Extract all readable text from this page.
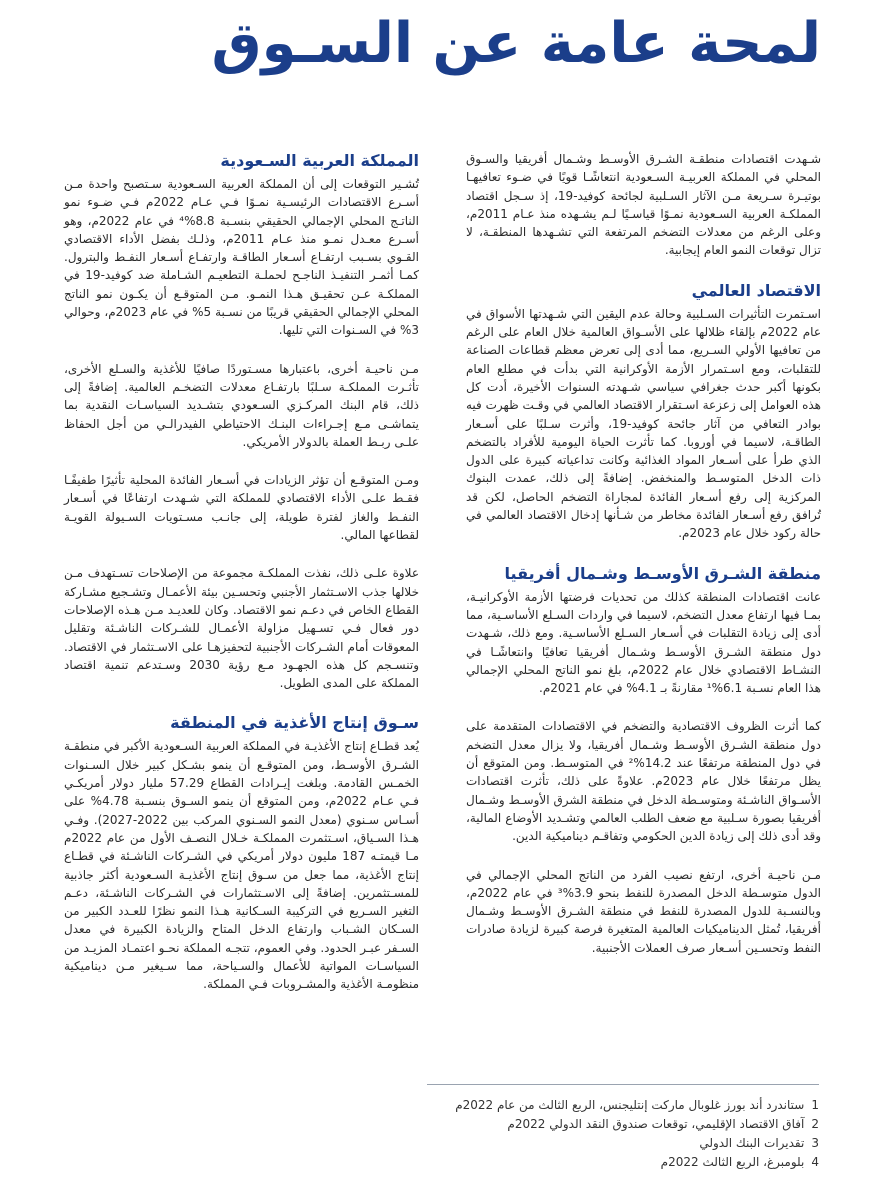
لمحة عامة عن السـوق

شـهدت اقتصادات منطقـة الشـرق الأوسـط وشـمال أفريقيا والسـوق المحلي في المملكة العربيـة السـعودية انتعاشًـا قويًا في ضـوء تعافيهـا بوتيـرة سـريعة مـن الآثار السـلبية لجائحة كوفيد-19، إذ سـجل اقتصاد المملكـة العربية السـعودية نمـوًا قياسـيًا لـم يشـهده منذ عـام 2011م، وعلى الرغم من معدلات التضخم المرتفعة التي تشـهدها المنطقـة، لا تزال توقعات النمو العام إيجابية.

الاقتصاد العالمي

اسـتمرت التأثيرات السـلبية وحالة عدم اليقين التي شـهدتها الأسواق في عام 2022م بإلقاء ظلالها على الأسـواق العالمية خلال العام على الرغم من تعافيها الأولي السـريع، مما أدى إلى تعرض معظم قطاعات الصناعة للتقلبات، ومع اسـتمرار الأزمة الأوكرانية التي بدأت في مطلع العام بكونها أكبر حدث جغرافي سياسي شـهدته السنوات الأخيرة، أدت كل هذه العوامل إلى زعزعة اسـتقرار الاقتصاد العالمي في وقـت ظهرت فيه بوادر التعافي من آثار جائحة كوفيد-19، وأثرت سـلبًا على أسـعار الطاقـة، لاسيما في أوروبا. كما تأثرت الحياة اليومية للأفراد بالتضخم الذي طرأ على أسـعار المواد الغذائية وكانت تداعياته كبيرة على الدول ذات الدخل المتوسـط والمنخفض. إضافةً إلى ذلك، عمدت البنوك المركزية إلى رفع أسـعار الفائدة لمجاراة التضخم الحاصل، لكن قد تُرافق رفع أسـعار الفائدة مخاطر من شـأنها إدخال الاقتصاد العالمي في حالة ركود خلال عام 2023م.

منطقة الشـرق الأوسـط وشـمال أفريقيا

عانت اقتصادات المنطقة كذلك من تحديات فرضتها الأزمة الأوكرانيـة، بمـا فيها ارتفاع معدل التضخم، لاسيما في واردات السـلع الأساسـية، مما أدى إلى زيادة التقلبات في أسـعار السـلع الأساسـية. ومع ذلك، شـهدت دول منطقة الشـرق الأوسـط وشـمال أفريقيا تعافيًا وانتعاشًـا في النشـاط الاقتصادي خلال عام 2022م، بلغ نمو الناتج المحلي الإجمالي هذا العام نسـبة 6.1%¹ مقارنةً بـ 4.1% في عام 2021م.

كما أثرت الظروف الاقتصادية والتضخم في الاقتصادات المتقدمة على دول منطقة الشـرق الأوسـط وشـمال أفريقيا، ولا يزال معدل التضخم في دول المنطقة مرتفعًا عند 14.2%² في المتوسـط. ومن المتوقع أن يظل مرتفعًا خلال عام 2023م. علاوةً على ذلك، تأثرت اقتصادات الأسـواق الناشـئة ومتوسـطة الدخل في منطقة الشرق الأوسـط وشـمال أفريقيا بصورة سـلبية مع ضعف الطلب العالمي وتشـديد الأوضاع المالية، وقد أدى ذلك إلى زيادة الدين الحكومي وتفاقـم ديناميكية الدين.

مـن ناحيـة أخرى، ارتفع نصيب الفرد من الناتج المحلي الإجمالي في الدول متوسـطة الدخل المصدرة للنفط بنحو 3.9%³ في عام 2022م، وبالنسـبة للدول المصدرة للنفط في منطقة الشـرق الأوسـط وشـمال أفريقيا، تُمثل الديناميكيات العالمية المتغيرة فرصة كبيرة لزيادة صادرات النفط وتحسـين أسـعار صرف العملات الأجنبية.

المملكة العربية السـعودية

تُشـير التوقعات إلى أن المملكة العربية السـعودية سـتصبح واحدة مـن أسـرع الاقتصادات الرئيسـية نمـوًا فـي عـام 2022م فـي ضـوء نمو الناتـج المحلي الإجمالي الحقيقي بنسـبة 8.8%⁴ في عام 2022م، وهو أسـرع معـدل نمـو منذ عـام 2011م، وذلـك بفضل الأداء الاقتصادي القـوي بسـبب ارتفـاع أسـعار الطاقـة وارتفـاع أسـعار النفـط والبترول. كمـا أثمـر التنفيـذ الناجـح لحملـة التطعيـم الشـاملة ضد كوفيد-19 في المملكـة عـن تحقيـق هـذا النمـو. مـن المتوقـع أن يكـون نمو الناتج المحلي الإجمالي الحقيقي قريبًا من نسـبة 5% في عام 2023م، وحوالي 3% في السـنوات التي تليها.

مـن ناحيـة أخرى، باعتبارها مسـتوردًا صافيًا للأغذية والسـلع الأخرى، تأثـرت المملكـة سـلبًا بارتفـاع معدلات التضخـم العالمية. إضافةً إلى ذلك، قام البنك المركـزي السـعودي بتشـديد السياسـات النقدية بما يتماشـى مـع إجـراءات البنـك الاحتياطي الفيدرالـي من أجل الحفاظ علـى ربـط العملة بالدولار الأمريكي.

ومـن المتوقـع أن تؤثر الزيادات في أسـعار الفائدة المحلية تأثيرًا طفيفًـا فقـط علـى الأداء الاقتصادي للمملكة التي شـهدت ارتفاعًا في أسـعار النفـط والغاز لفترة طويلة، إلى جانـب مسـتويات السـيولة القويـة لقطاعها المالي.

علاوة علـى ذلك، نفذت المملكـة مجموعة من الإصلاحات تسـتهدف مـن خلالها جذب الاسـتثمار الأجنبي وتحسـين بيئة الأعمـال وتشـجيع مشـاركة القطاع الخاص في دعـم نمو الاقتصاد. وكان للعديـد مـن هـذه الإصلاحات دور فعال فـي تسـهيل مزاولة الأعمـال للشـركات الناشـئة وتقليل المعوقات أمام الشـركات الأجنبية لتحفيزهـا على الاسـتثمار في الاقتصاد. وتنسـجم كل هذه الجهـود مـع رؤية 2030 وسـتدعم تنمية اقتصاد المملكة على المدى الطويل.

سـوق إنتاج الأغذية في المنطقة

يُعد قطـاع إنتاج الأغذيـة في المملكة العربية السـعودية الأكبر في منطقـة الشـرق الأوسـط، ومن المتوقـع أن ينمو بشـكل كبير خلال السـنوات الخمـس القادمة. وبلغت إيـرادات القطاع 57.29 مليار دولار أمريكـي فـي عـام 2022م، ومن المتوقع أن ينمو السـوق بنسـبة 4.78% على أسـاس سـنوي (معدل النمو السـنوي المركب بين 2022-2027). وفـي هـذا السـياق، اسـتثمرت المملكـة خـلال النصـف الأول من عام 2022م مـا قيمتـه 187 مليون دولار أمريكي في الشـركات الناشـئة في قطـاع إنتاج الأغذية، مما جعل من سـوق إنتاج الأغذيـة السـعودية أكثر جاذبية للمسـتثمرين. إضافةً إلى الاسـتثمارات في الشـركات الناشـئة، دعـم التغير السـريع في التركيبة السـكانية هـذا النمو نظرًا للعـدد الكبير من السـكان الشـباب وارتفاع الدخل المتاح والزيادة الكبيرة في معدل السـفر عبـر الحدود. وفي العموم، تتجـه المملكة نحـو اعتمـاد المزيـد من السياسـات المواتية للأعمال والسـياحة، مما سـيغير مـن ديناميكية منظومـة الأغذية والمشـروبات فـي المملكة.

1
ستاندرد أند بورز غلوبال ماركت إنتليجنس، الربع الثالث من عام 2022م
2
آفاق الاقتصاد الإقليمي، توقعات صندوق النقد الدولي 2022م
3
تقديرات البنك الدولي
4
بلومبرغ، الربع الثالث 2022م
